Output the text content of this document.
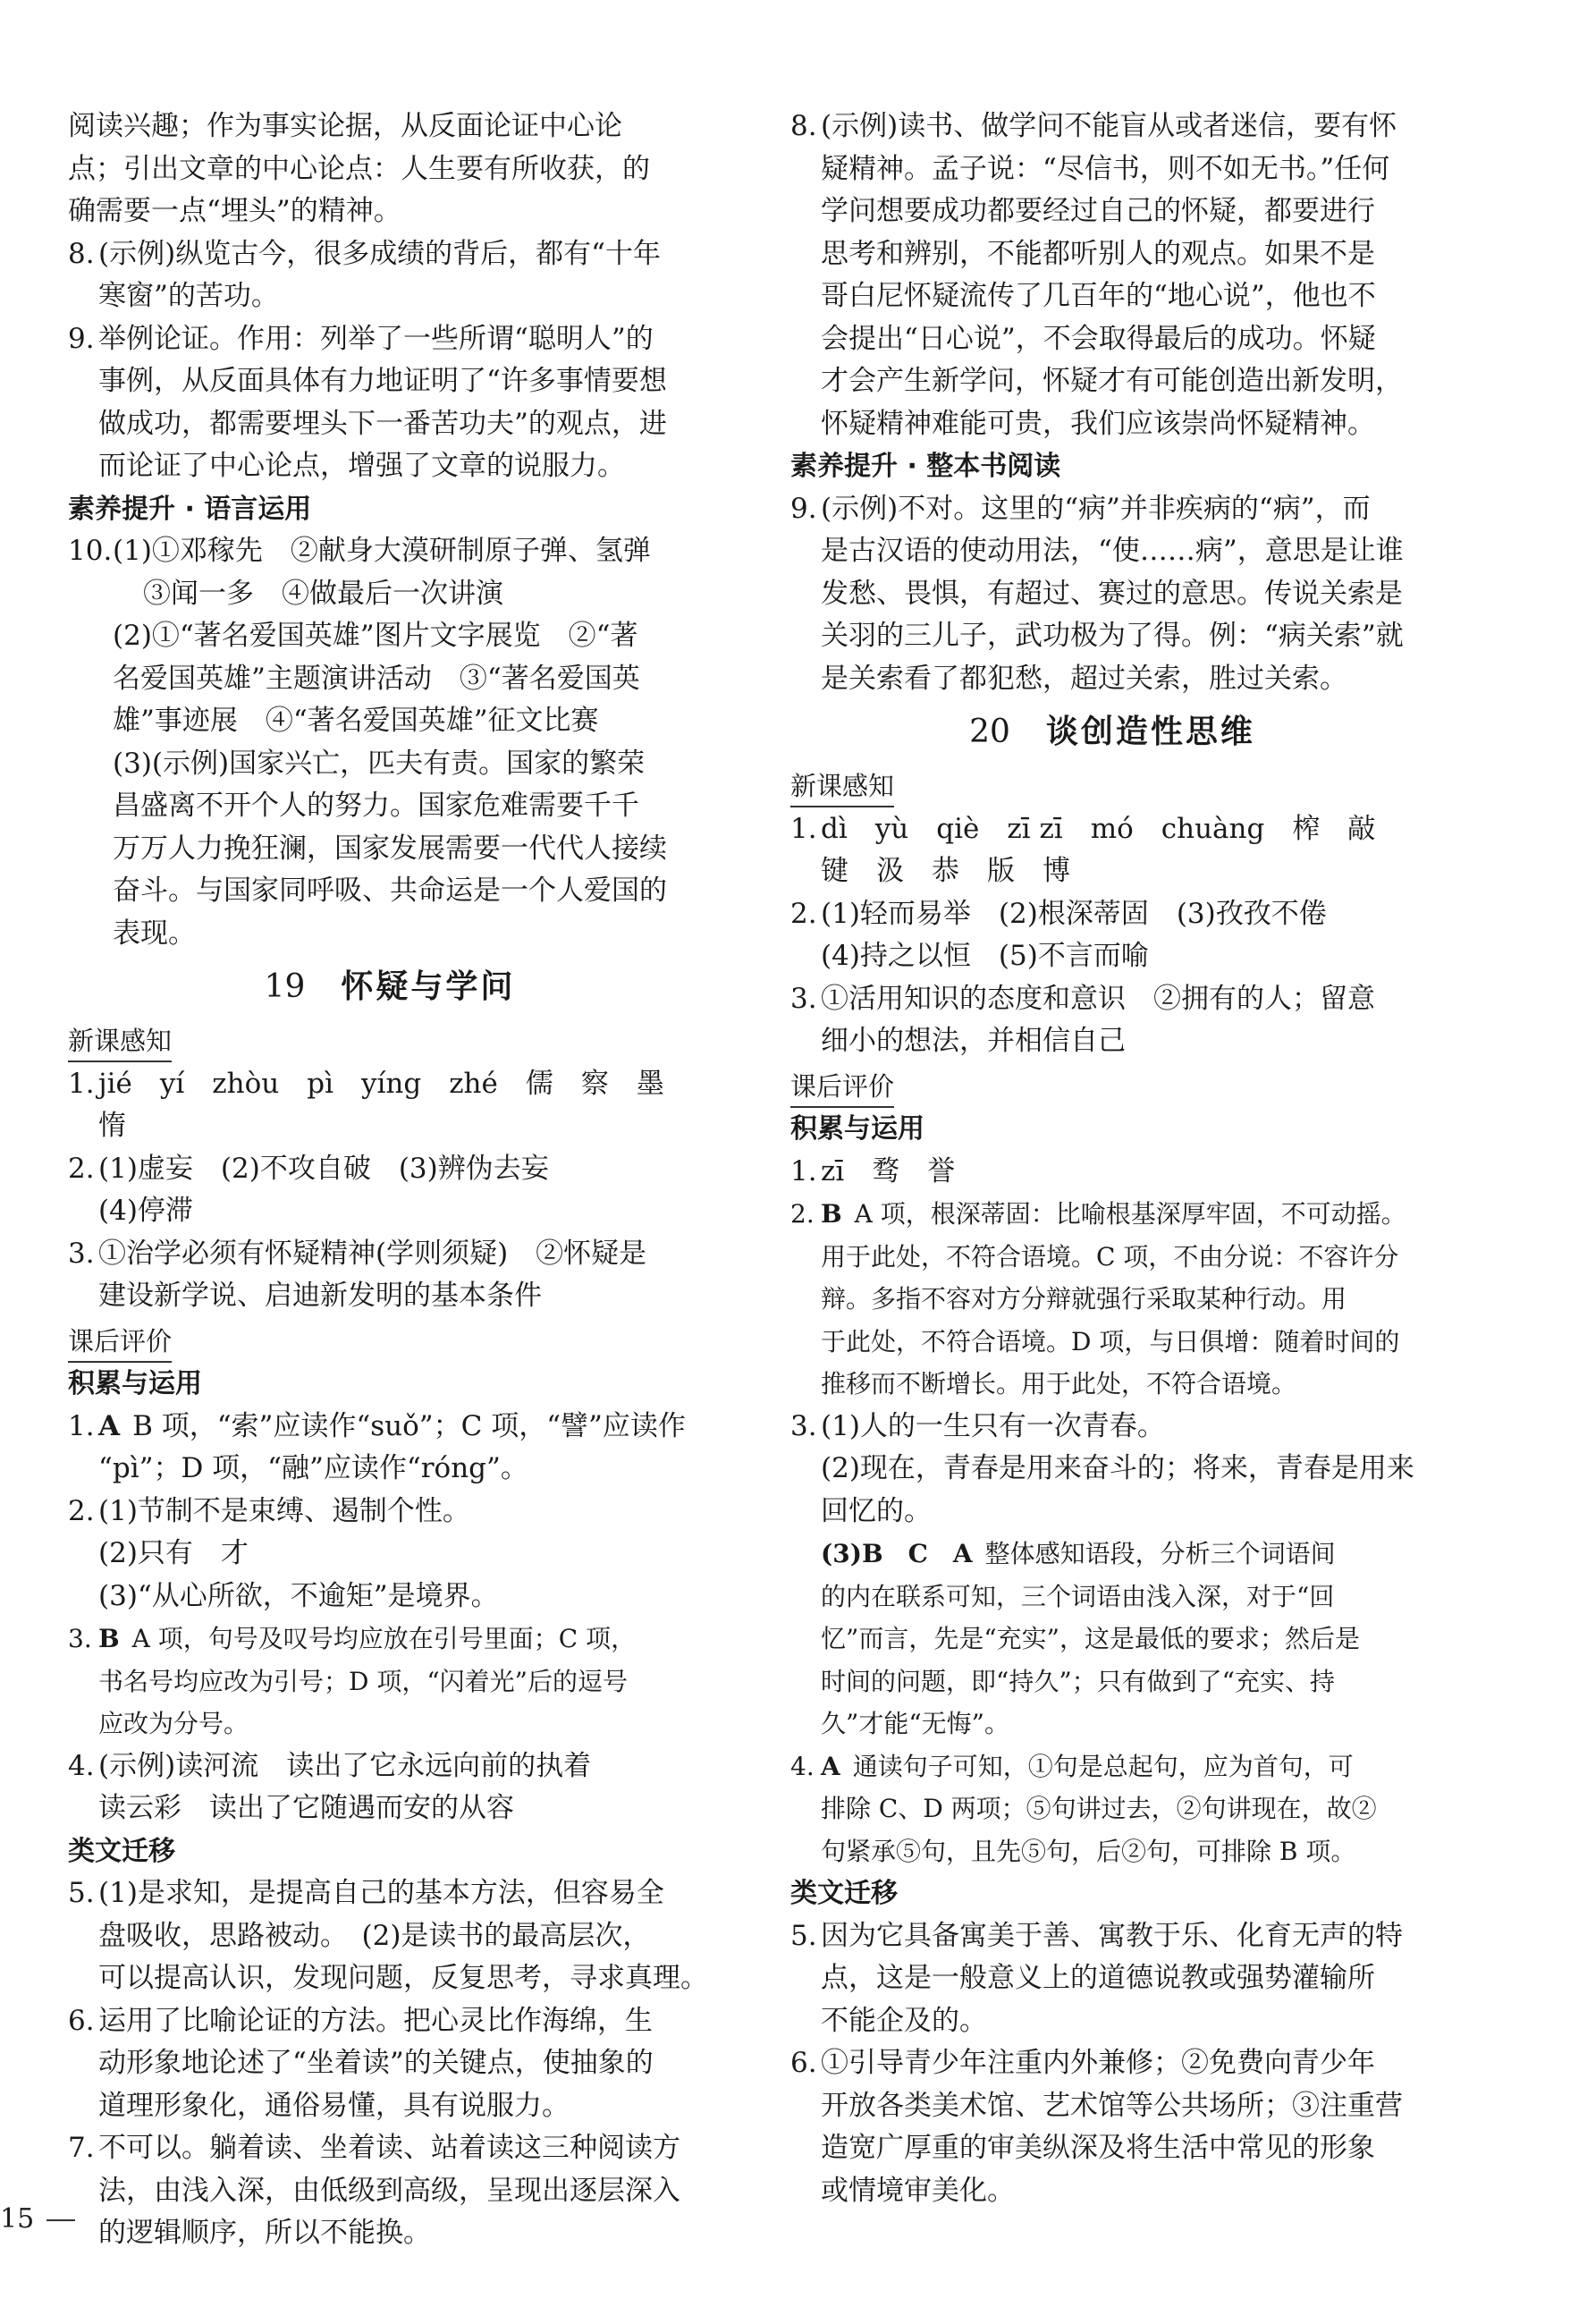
阅读兴趣；作为事实论据，从反面论证中心论
点；引出文章的中心论点：人生要有所收获，的
确需要一点“埋头”的精神。
8. (示例)纵览古今，很多成绩的背后，都有“十年
寒窗”的苦功。
9. 举例论证。作用：列举了一些所谓“聪明人”的
事例，从反面具体有力地证明了“许多事情要想
做成功，都需要埋头下一番苦功夫”的观点，进
而论证了中心论点，增强了文章的说服力。
素养提升 · 语言运用
10. (1)①邓稼先　②献身大漠研制原子弹、氢弹
③闻一多　④做最后一次讲演
(2)①“著名爱国英雄”图片文字展览　②“著
名爱国英雄”主题演讲活动　③“著名爱国英
雄”事迹展　④“著名爱国英雄”征文比赛
(3)(示例)国家兴亡，匹夫有责。国家的繁荣
昌盛离不开个人的努力。国家危难需要千千
万万人力挽狂澜，国家发展需要一代代人接续
奋斗。与国家同呼吸、共命运是一个人爱国的
表现。
19 怀疑与学问
新课感知
1. jié　yí　zhòu　pì　yíng　zhé　儒　察　墨　惰
2. (1)虚妄　(2)不攻自破　(3)辨伪去妄
(4)停滞
3. ①治学必须有怀疑精神(学则须疑)　②怀疑是
建设新学说、启迪新发明的基本条件
课后评价
积累与运用
1. A B 项，“索”应读作“suǒ”；C 项，“譬”应读作
“pì”；D 项，“融”应读作“róng”。
2. (1)节制不是束缚、遏制个性。
(2)只有　才
(3)“从心所欲，不逾矩”是境界。
3. B A 项，句号及叹号均应放在引号里面；C 项，
书名号均应改为引号；D 项，“闪着光”后的逗号
应改为分号。
4. (示例)读河流　读出了它永远向前的执着
读云彩　读出了它随遇而安的从容
类文迁移
5. (1)是求知，是提高自己的基本方法，但容易全
盘吸收，思路被动。　(2)是读书的最高层次，
可以提高认识，发现问题，反复思考，寻求真理。
6. 运用了比喻论证的方法。把心灵比作海绵，生
动形象地论述了“坐着读”的关键点，使抽象的
道理形象化，通俗易懂，具有说服力。
7. 不可以。躺着读、坐着读、站着读这三种阅读方
法，由浅入深，由低级到高级，呈现出逐层深入
的逻辑顺序，所以不能换。
8. (示例)读书、做学问不能盲从或者迷信，要有怀
疑精神。孟子说：“尽信书，则不如无书。”任何
学问想要成功都要经过自己的怀疑，都要进行
思考和辨别，不能都听别人的观点。如果不是
哥白尼怀疑流传了几百年的“地心说”，他也不
会提出“日心说”，不会取得最后的成功。怀疑
才会产生新学问，怀疑才有可能创造出新发明，
怀疑精神难能可贵，我们应该崇尚怀疑精神。
素养提升 · 整本书阅读
9. (示例)不对。这里的“病”并非疾病的“病”，而
是古汉语的使动用法，“使……病”，意思是让谁
发愁、畏惧，有超过、赛过的意思。传说关索是
关羽的三儿子，武功极为了得。例：“病关索”就
是关索看了都犯愁，超过关索，胜过关索。
20 谈创造性思维
新课感知
1. dì　yù　qiè　zī zī　mó　chuàng　榨　敲
键　汲　恭　版　博
2. (1)轻而易举　(2)根深蒂固　(3)孜孜不倦
(4)持之以恒　(5)不言而喻
3. ①活用知识的态度和意识　②拥有的人；留意
细小的想法，并相信自己
课后评价
积累与运用
1. zī　骛　誉
2. B A 项，根深蒂固：比喻根基深厚牢固，不可动摇。
用于此处，不符合语境。C 项，不由分说：不容许分
辩。多指不容对方分辩就强行采取某种行动。用
于此处，不符合语境。D 项，与日俱增：随着时间的
推移而不断增长。用于此处，不符合语境。
3. (1)人的一生只有一次青春。
(2)现在，青春是用来奋斗的；将来，青春是用来
回忆的。
(3)B　C　A 整体感知语段，分析三个词语间
的内在联系可知，三个词语由浅入深，对于“回
忆”而言，先是“充实”，这是最低的要求；然后是
时间的问题，即“持久”；只有做到了“充实、持
久”才能“无悔”。
4. A 通读句子可知，①句是总起句，应为首句，可
排除 C、D 两项；⑤句讲过去，②句讲现在，故②
句紧承⑤句，且先⑤句，后②句，可排除 B 项。
类文迁移
5. 因为它具备寓美于善、寓教于乐、化育无声的特
点，这是一般意义上的道德说教或强势灌输所
不能企及的。
6. ①引导青少年注重内外兼修；②免费向青少年
开放各类美术馆、艺术馆等公共场所；③注重营
造宽广厚重的审美纵深及将生活中常见的形象
或情境审美化。
15
